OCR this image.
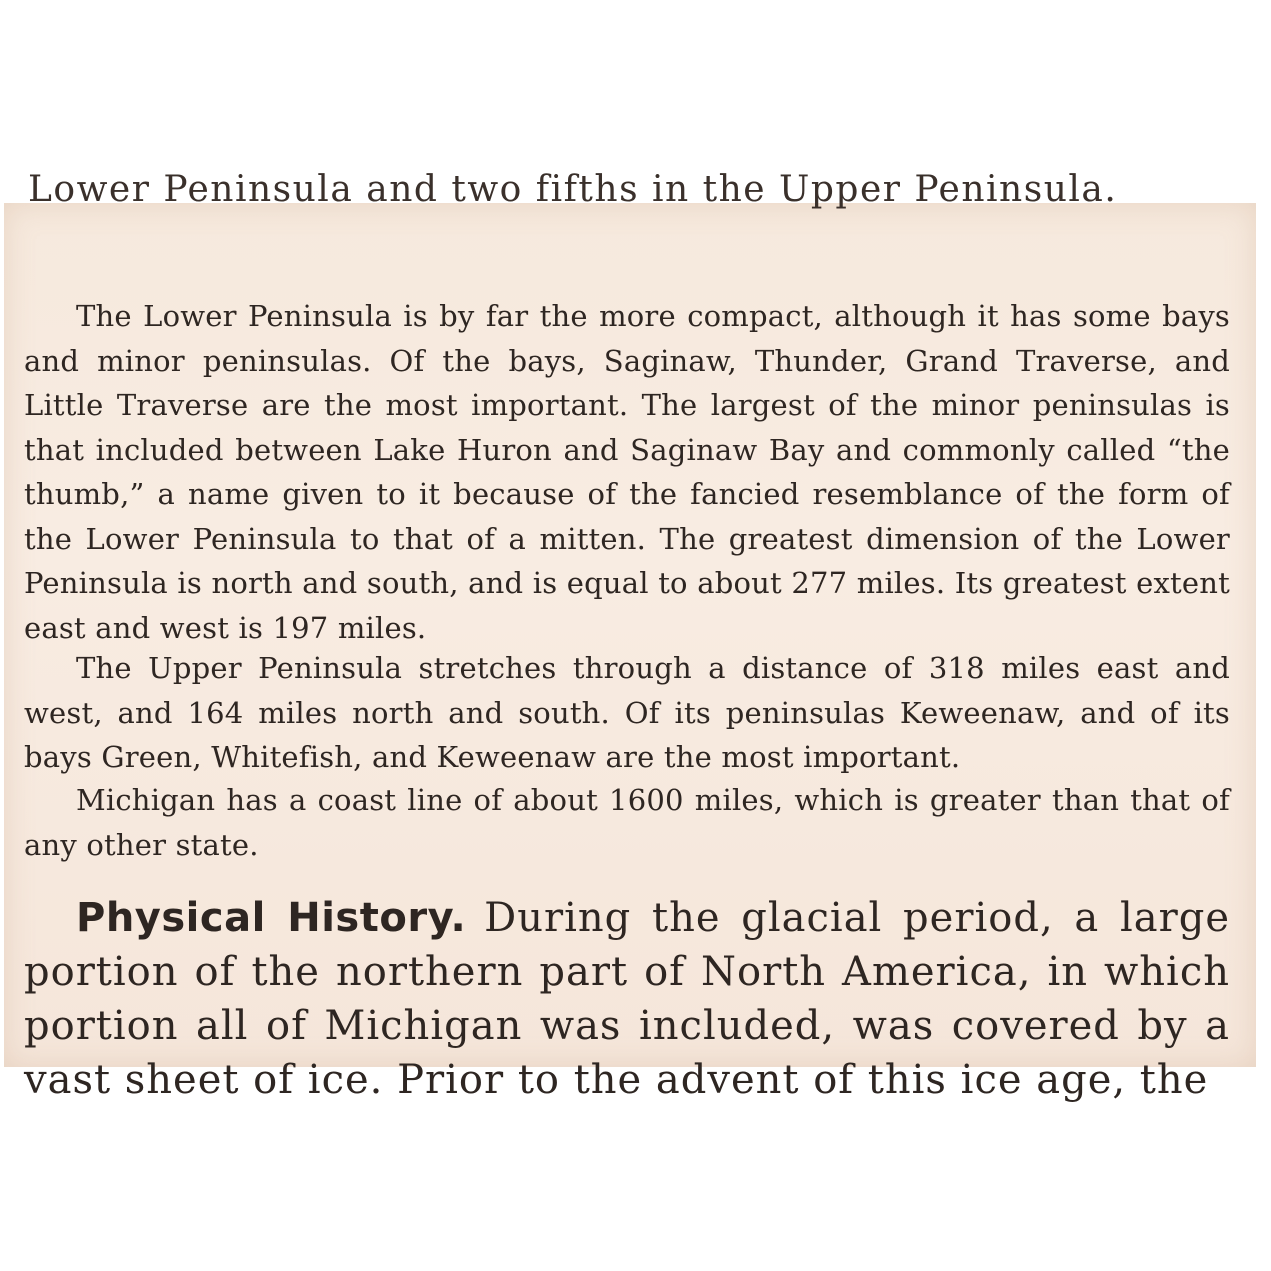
Lower Peninsula and two fifths in the Upper Peninsula.

The Lower Peninsula is by far the more compact, although it has some bays and minor peninsulas. Of the bays, Saginaw, Thunder, Grand Traverse, and Little Traverse are the most important. The largest of the minor peninsulas is that included between Lake Huron and Saginaw Bay and commonly called “the thumb,” a name given to it because of the fancied resemblance of the form of the Lower Peninsula to that of a mitten. The greatest dimension of the Lower Peninsula is north and south, and is equal to about 277 miles. Its greatest extent east and west is 197 miles.

The Upper Peninsula stretches through a distance of 318 miles east and west, and 164 miles north and south. Of its peninsulas Keweenaw, and of its bays Green, Whitefish, and Keweenaw are the most important.

Michigan has a coast line of about 1600 miles, which is greater than that of any other state.

Physical History. During the glacial period, a large portion of the northern part of North America, in which portion all of Michigan was included, was covered by a vast sheet of ice. Prior to the advent of this ice age, the
